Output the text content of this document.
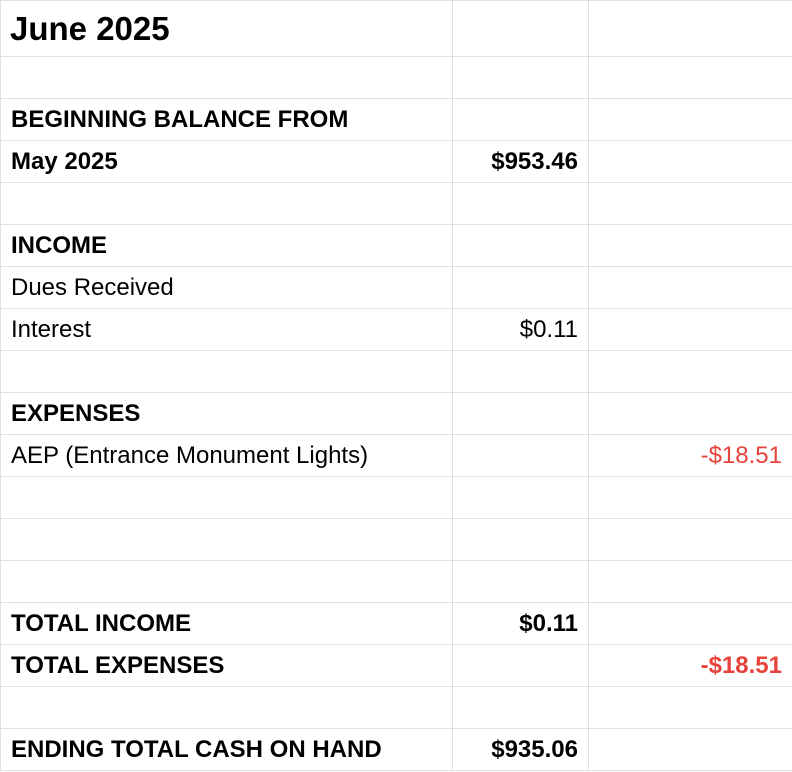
June 2025		

BEGINNING BALANCE FROM		
May 2025	$953.46	

INCOME		
Dues Received		
Interest	$0.11	

EXPENSES		
AEP (Entrance Monument Lights)		-$18.51

TOTAL INCOME	$0.11	
TOTAL EXPENSES		-$18.51

ENDING TOTAL CASH ON HAND	$935.06	
